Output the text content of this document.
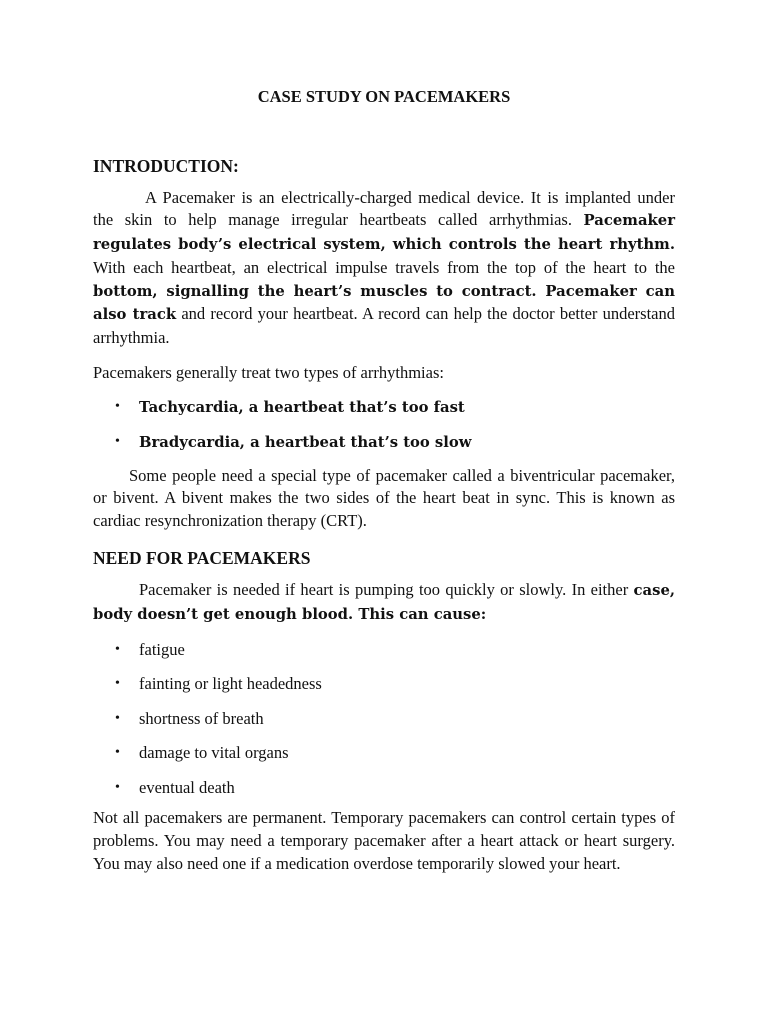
CASE STUDY ON PACEMAKERS
INTRODUCTION:

A Pacemaker is an electrically-charged medical device. It is implanted under the skin to help manage irregular heartbeats called arrhythmias. Pacemaker regulates body’s electrical system, which controls the heart rhythm. With each heartbeat, an electrical impulse travels from the top of the heart to the bottom, signalling the heart’s muscles to contract. Pacemaker can also track and record your heartbeat. A record can help the doctor better understand arrhythmia.

Pacemakers generally treat two types of arrhythmias:

• Tachycardia, a heartbeat that’s too fast
• Bradycardia, a heartbeat that’s too slow

Some people need a special type of pacemaker called a biventricular pacemaker, or bivent. A bivent makes the two sides of the heart beat in sync. This is known as cardiac resynchronization therapy (CRT).

NEED FOR PACEMAKERS

Pacemaker is needed if heart is pumping too quickly or slowly. In either case, body doesn’t get enough blood. This can cause:

• fatigue
• fainting or light headedness
• shortness of breath
• damage to vital organs
• eventual death

Not all pacemakers are permanent. Temporary pacemakers can control certain types of problems. You may need a temporary pacemaker after a heart attack or heart surgery. You may also need one if a medication overdose temporarily slowed your heart.
